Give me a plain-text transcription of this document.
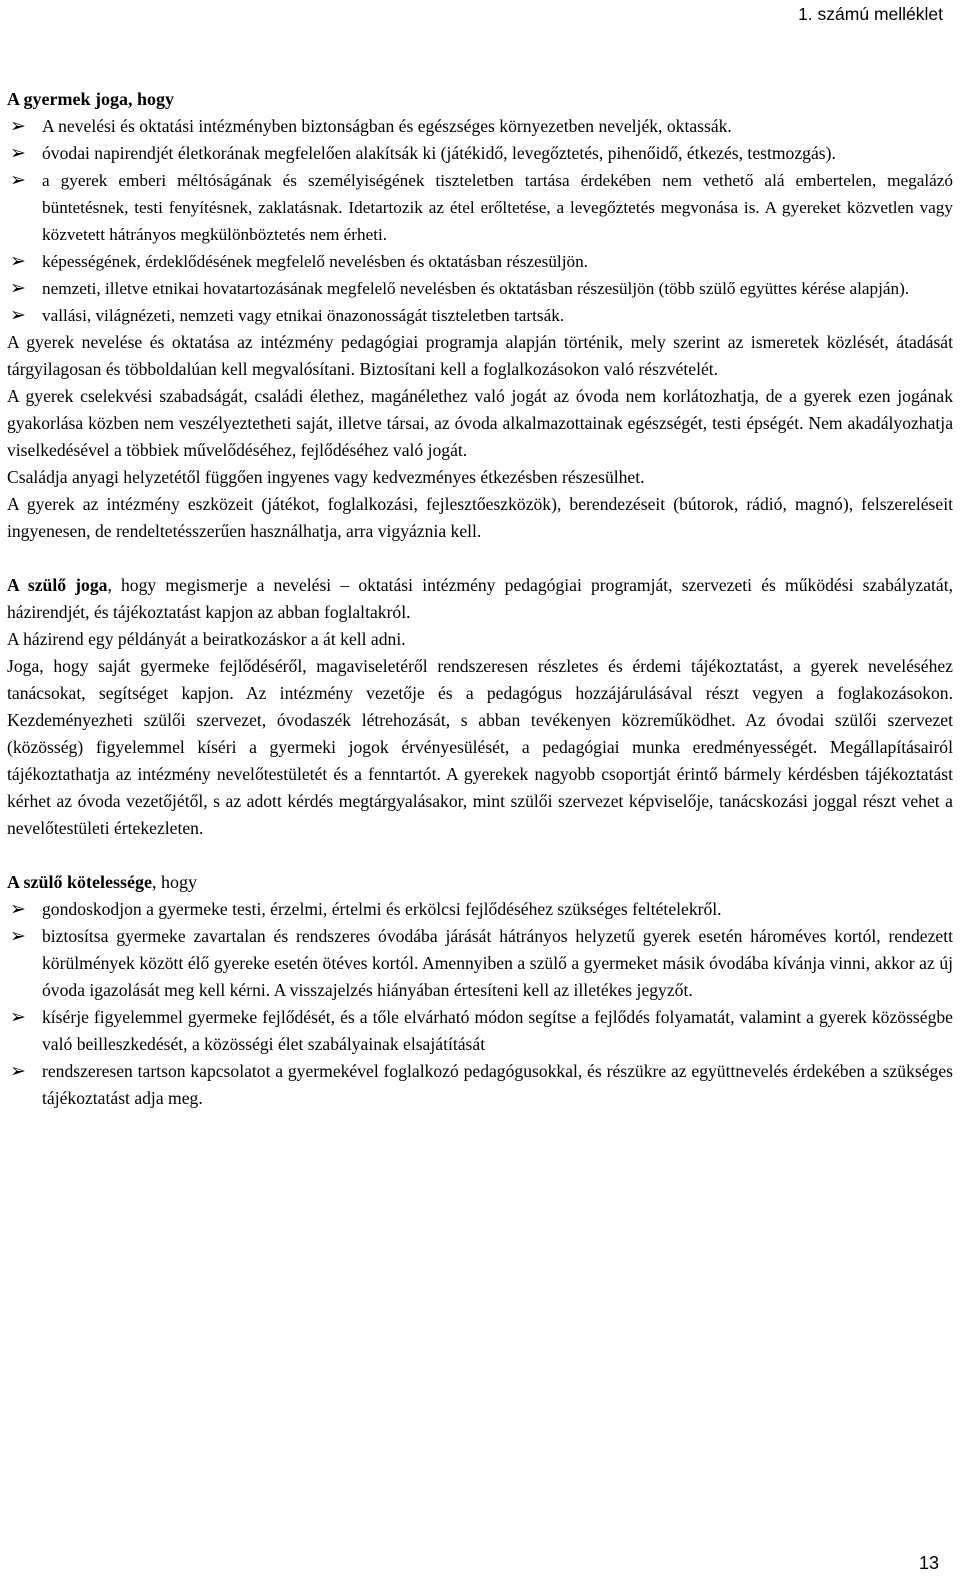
1. számú melléklet
A gyermek joga, hogy
➢ A nevelési és oktatási intézményben biztonságban és egészséges környezetben neveljék, oktassák.
➢ óvodai napirendjét életkorának megfelelően alakítsák ki (játékidő, levegőztetés, pihenőidő, étkezés, testmozgás).
➢ a gyerek emberi méltóságának és személyiségének tiszteletben tartása érdekében nem vethető alá embertelen, megalázó büntetésnek, testi fenyítésnek, zaklatásnak. Idetartozik az étel erőltetése, a levegőztetés megvonása is. A gyereket közvetlen vagy közvetett hátrányos megkülönböztetés nem érheti.
➢ képességének, érdeklődésének megfelelő nevelésben és oktatásban részesüljön.
➢ nemzeti, illetve etnikai hovatartozásának megfelelő nevelésben és oktatásban részesüljön (több szülő együttes kérése alapján).
➢ vallási, világnézeti, nemzeti vagy etnikai önazonosságát tiszteletben tartsák.

A gyerek nevelése és oktatása az intézmény pedagógiai programja alapján történik, mely szerint az ismeretek közlését, átadását tárgyilagosan és többoldalúan kell megvalósítani. Biztosítani kell a foglalkozásokon való részvételét.

A gyerek cselekvési szabadságát, családi élethez, magánélethez való jogát az óvoda nem korlátozhatja, de a gyerek ezen jogának gyakorlása közben nem veszélyeztetheti saját, illetve társai, az óvoda alkalmazottainak egészségét, testi épségét. Nem akadályozhatja viselkedésével a többiek művelődéséhez, fejlődéséhez való jogát.

Családja anyagi helyzetétől függően ingyenes vagy kedvezményes étkezésben részesülhet.

A gyerek az intézmény eszközeit (játékot, foglalkozási, fejlesztőeszközök), berendezéseit (bútorok, rádió, magnó), felszereléseit ingyenesen, de rendeltetésszerűen használhatja, arra vigyáznia kell.

A szülő joga, hogy megismerje a nevelési – oktatási intézmény pedagógiai programját, szervezeti és működési szabályzatát, házirendjét, és tájékoztatást kapjon az abban foglaltakról.

A házirend egy példányát a beiratkozáskor a át kell adni.

Joga, hogy saját gyermeke fejlődéséről, magaviseletéről rendszeresen részletes és érdemi tájékoztatást, a gyerek neveléséhez tanácsokat, segítséget kapjon. Az intézmény vezetője és a pedagógus hozzájárulásával részt vegyen a foglakozásokon. Kezdeményezheti szülői szervezet, óvodaszék létrehozását, s abban tevékenyen közreműködhet. Az óvodai szülői szervezet (közösség) figyelemmel kíséri a gyermeki jogok érvényesülését, a pedagógiai munka eredményességét. Megállapításairól tájékoztathatja az intézmény nevelőtestületét és a fenntartót. A gyerekek nagyobb csoportját érintő bármely kérdésben tájékoztatást kérhet az óvoda vezetőjétől, s az adott kérdés megtárgyalásakor, mint szülői szervezet képviselője, tanácskozási joggal részt vehet a nevelőtestületi értekezleten.

A szülő kötelessége, hogy
➢ gondoskodjon a gyermeke testi, érzelmi, értelmi és erkölcsi fejlődéséhez szükséges feltételekről.
➢ biztosítsa gyermeke zavartalan és rendszeres óvodába járását hátrányos helyzetű gyerek esetén hároméves kortól, rendezett körülmények között élő gyereke esetén ötéves kortól. Amennyiben a szülő a gyermeket másik óvodába kívánja vinni, akkor az új óvoda igazolását meg kell kérni. A visszajelzés hiányában értesíteni kell az illetékes jegyzőt.
➢ kísérje figyelemmel gyermeke fejlődését, és a tőle elvárható módon segítse a fejlődés folyamatát, valamint a gyerek közösségbe való beilleszkedését, a közösségi élet szabályainak elsajátítását
➢ rendszeresen tartson kapcsolatot a gyermekével foglalkozó pedagógusokkal, és részükre az együttnevelés érdekében a szükséges tájékoztatást adja meg.
13
